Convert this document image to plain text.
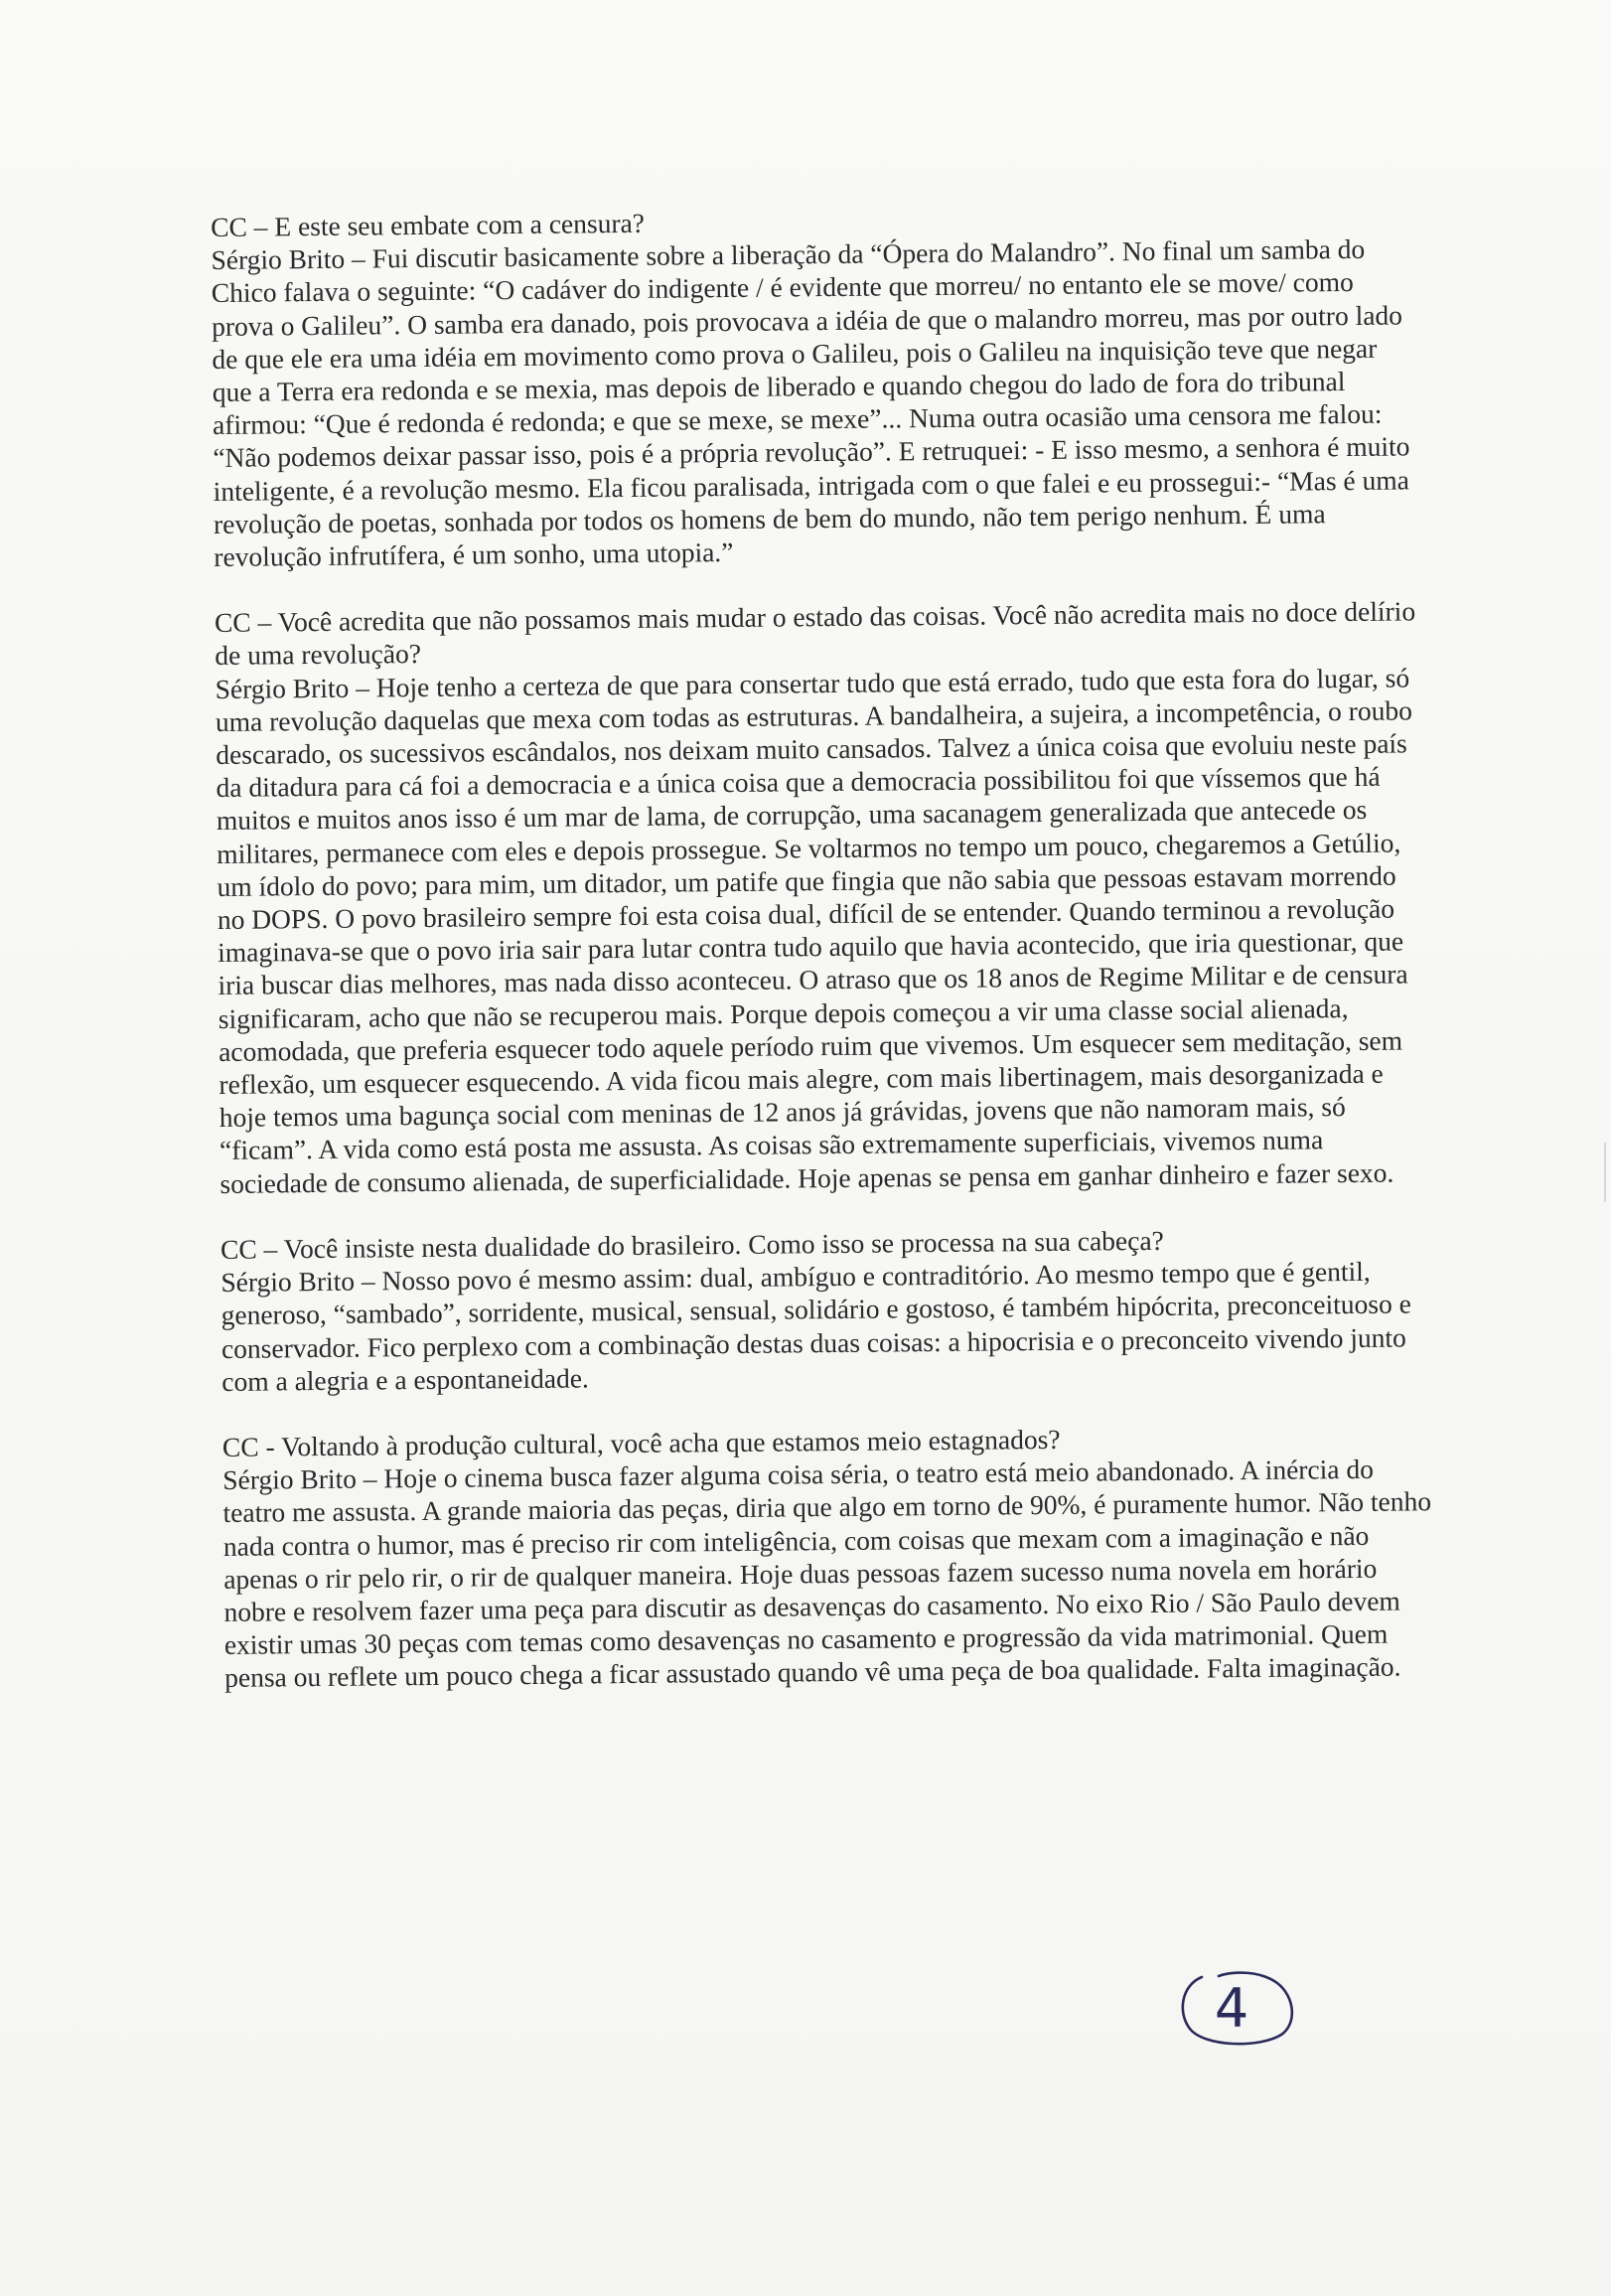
CC – E este seu embate com a censura?

Sérgio Brito – Fui discutir basicamente sobre a liberação da “Ópera do Malandro”. No final um samba do Chico falava o seguinte: “O cadáver do indigente / é evidente que morreu/ no entanto ele se move/ como prova o Galileu”. O samba era danado, pois provocava a idéia de que o malandro morreu, mas por outro lado de que ele era uma idéia em movimento como prova o Galileu, pois o Galileu na inquisição teve que negar que a Terra era redonda e se mexia, mas depois de liberado e quando chegou do lado de fora do tribunal afirmou: “Que é redonda é redonda; e que se mexe, se mexe”... Numa outra ocasião uma censora me falou: “Não podemos deixar passar isso, pois é a própria revolução”. E retruquei: - E isso mesmo, a senhora é muito inteligente, é a revolução mesmo. Ela ficou paralisada, intrigada com o que falei e eu prossegui:- “Mas é uma revolução de poetas, sonhada por todos os homens de bem do mundo, não tem perigo nenhum. É uma revolução infrutífera, é um sonho, uma utopia.”

CC – Você acredita que não possamos mais mudar o estado das coisas. Você não acredita mais no doce delírio de uma revolução?

Sérgio Brito – Hoje tenho a certeza de que para consertar tudo que está errado, tudo que esta fora do lugar, só uma revolução daquelas que mexa com todas as estruturas. A bandalheira, a sujeira, a incompetência, o roubo descarado, os sucessivos escândalos, nos deixam muito cansados. Talvez a única coisa que evoluiu neste país da ditadura para cá foi a democracia e a única coisa que a democracia possibilitou foi que víssemos que há muitos e muitos anos isso é um mar de lama, de corrupção, uma sacanagem generalizada que antecede os militares, permanece com eles e depois prossegue. Se voltarmos no tempo um pouco, chegaremos a Getúlio, um ídolo do povo; para mim, um ditador, um patife que fingia que não sabia que pessoas estavam morrendo no DOPS. O povo brasileiro sempre foi esta coisa dual, difícil de se entender. Quando terminou a revolução imaginava-se que o povo iria sair para lutar contra tudo aquilo que havia acontecido, que iria questionar, que iria buscar dias melhores, mas nada disso aconteceu. O atraso que os 18 anos de Regime Militar e de censura significaram, acho que não se recuperou mais. Porque depois começou a vir uma classe social alienada, acomodada, que preferia esquecer todo aquele período ruim que vivemos. Um esquecer sem meditação, sem reflexão, um esquecer esquecendo. A vida ficou mais alegre, com mais libertinagem, mais desorganizada e hoje temos uma bagunça social com meninas de 12 anos já grávidas, jovens que não namoram mais, só “ficam”. A vida como está posta me assusta. As coisas são extremamente superficiais, vivemos numa sociedade de consumo alienada, de superficialidade. Hoje apenas se pensa em ganhar dinheiro e fazer sexo.

CC – Você insiste nesta dualidade do brasileiro. Como isso se processa na sua cabeça?

Sérgio Brito – Nosso povo é mesmo assim: dual, ambíguo e contraditório. Ao mesmo tempo que é gentil, generoso, “sambado”, sorridente, musical, sensual, solidário e gostoso, é também hipócrita, preconceituoso e conservador. Fico perplexo com a combinação destas duas coisas: a hipocrisia e o preconceito vivendo junto com a alegria e a espontaneidade.

CC - Voltando à produção cultural, você acha que estamos meio estagnados?

Sérgio Brito – Hoje o cinema busca fazer alguma coisa séria, o teatro está meio abandonado. A inércia do teatro me assusta. A grande maioria das peças, diria que algo em torno de 90%, é puramente humor. Não tenho nada contra o humor, mas é preciso rir com inteligência, com coisas que mexam com a imaginação e não apenas o rir pelo rir, o rir de qualquer maneira. Hoje duas pessoas fazem sucesso numa novela em horário nobre e resolvem fazer uma peça para discutir as desavenças do casamento. No eixo Rio / São Paulo devem existir umas 30 peças com temas como desavenças no casamento e progressão da vida matrimonial. Quem pensa ou reflete um pouco chega a ficar assustado quando vê uma peça de boa qualidade. Falta imaginação.

4
